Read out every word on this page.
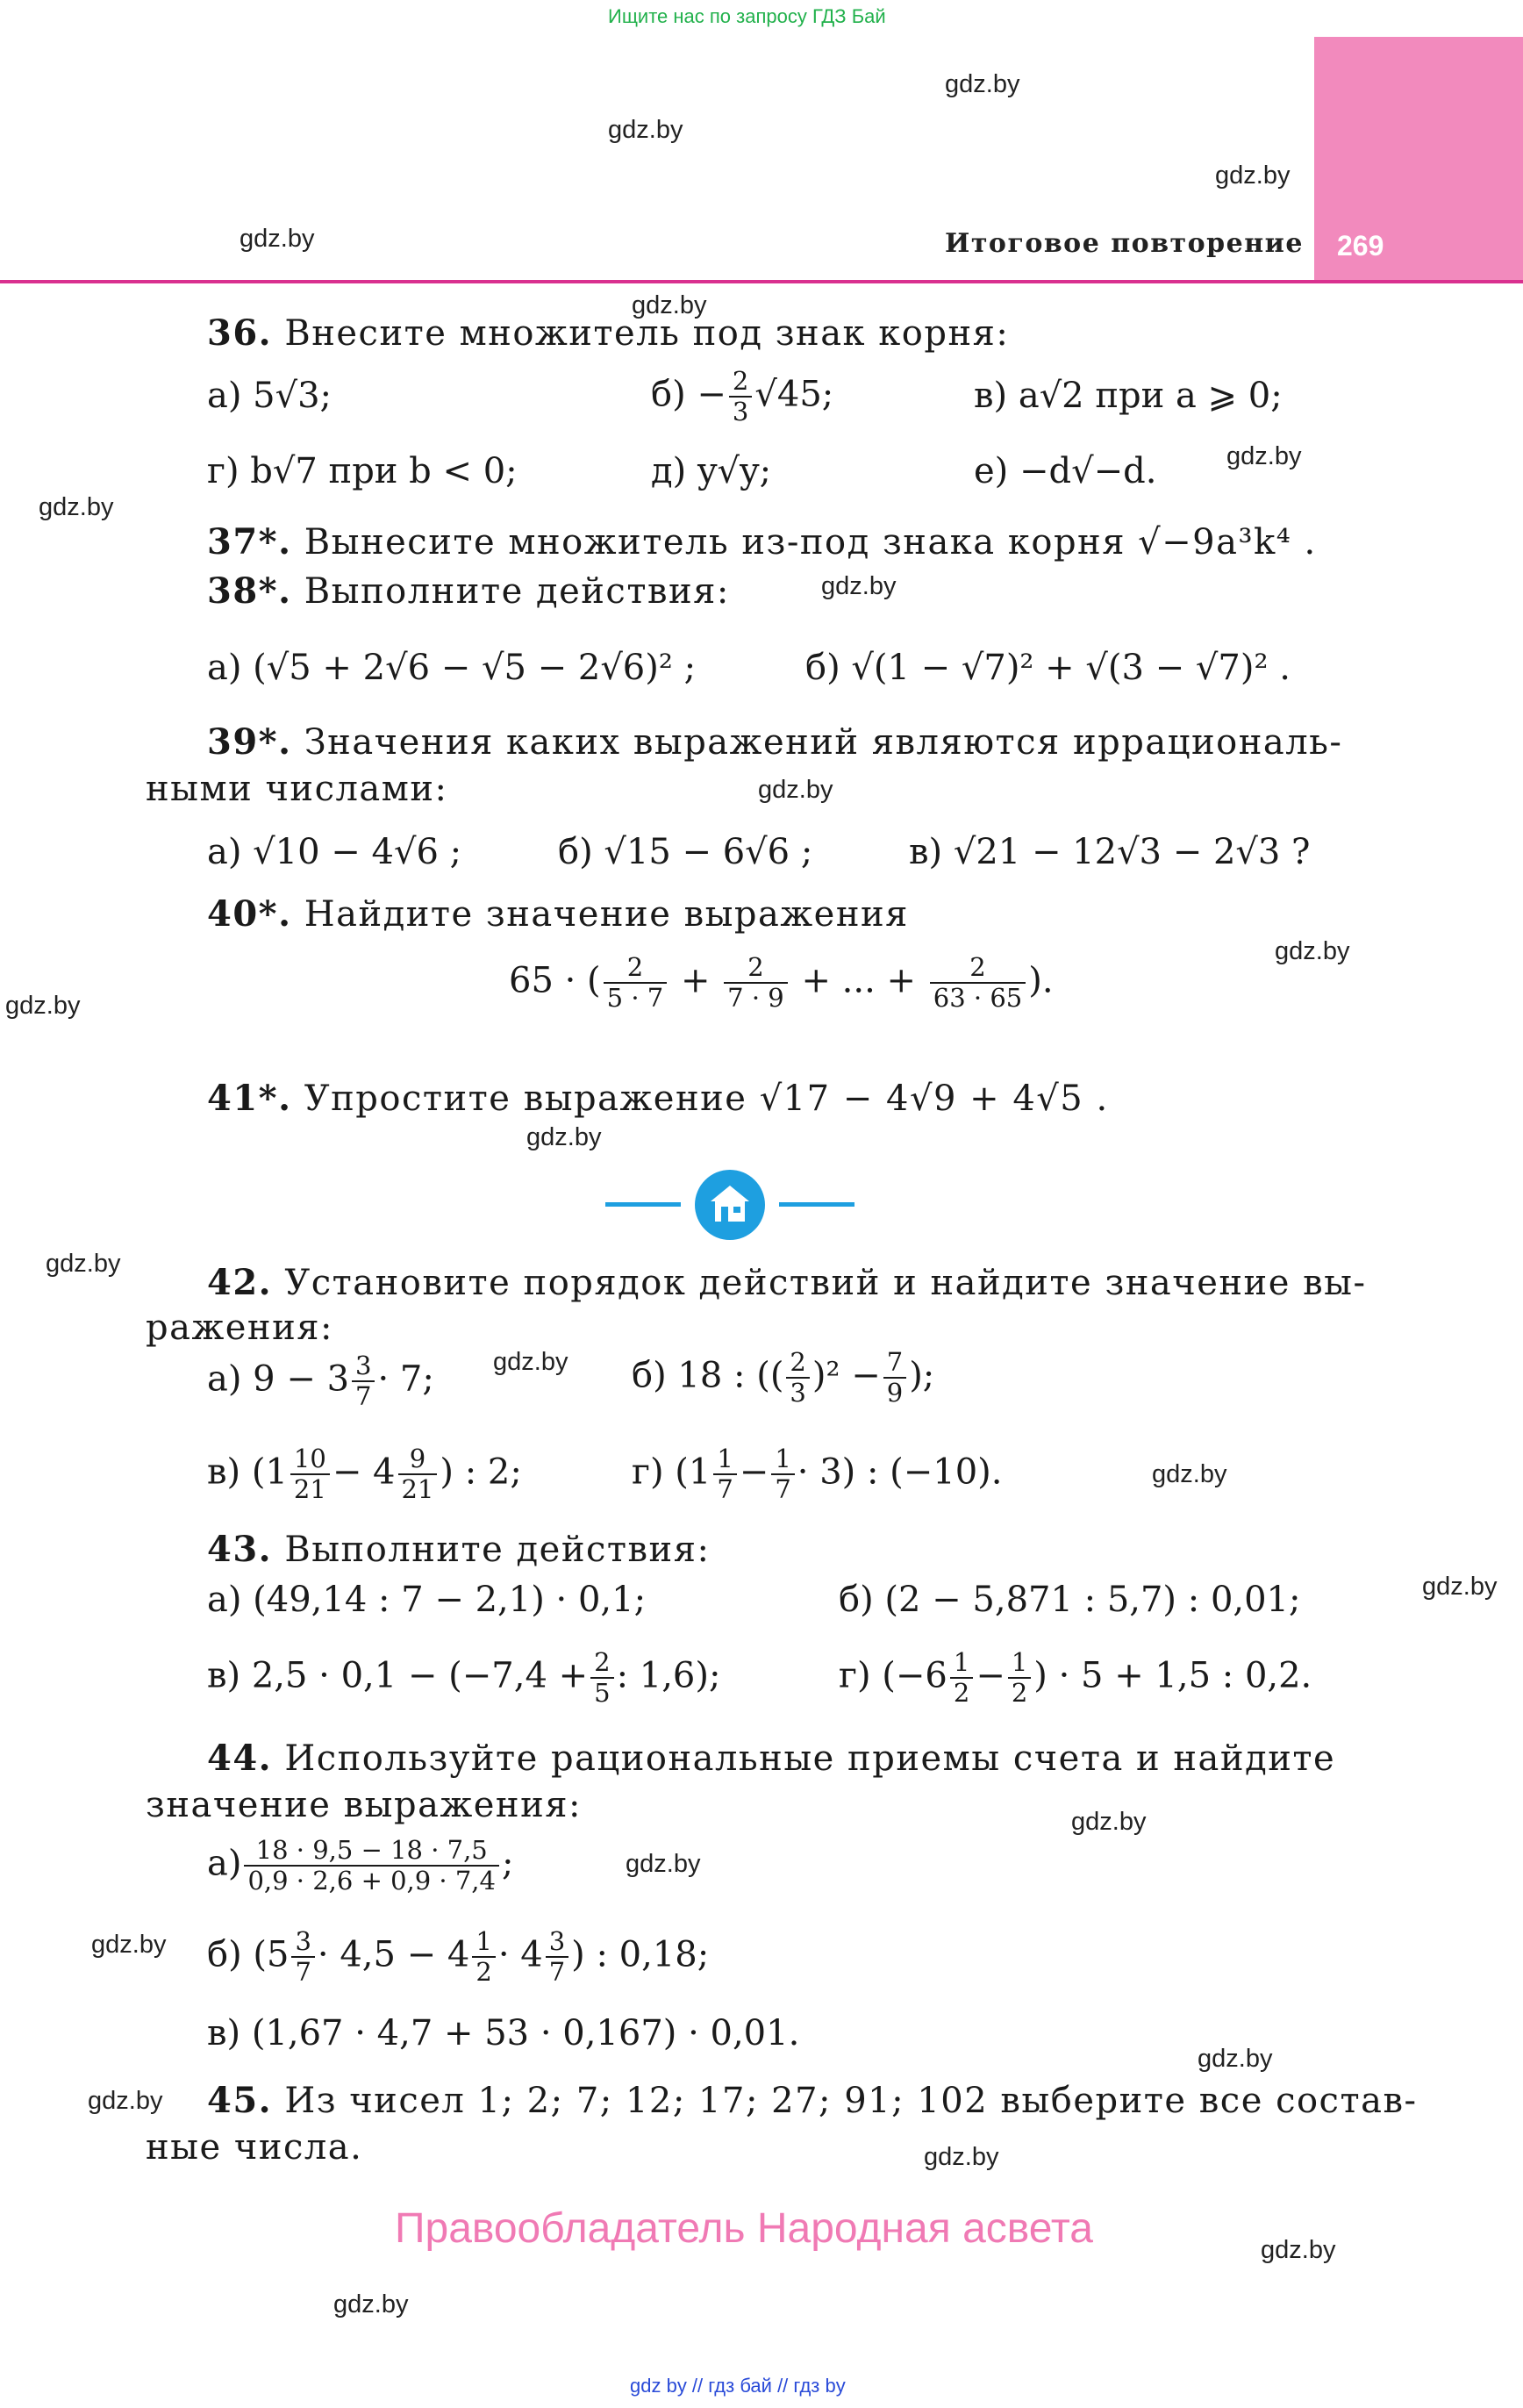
Ищите нас по запросу ГДЗ Бай
269
Итоговое повторение
gdz.by
gdz.by
gdz.by
gdz.by
gdz.by
gdz.by
gdz.by
gdz.by
gdz.by
gdz.by
gdz.by
gdz.by
gdz.by
gdz.by
gdz.by
gdz.by
gdz.by
gdz.by
gdz.by
gdz.by
gdz.by
gdz.by
gdz.by
gdz.by
36. Внесите множитель под знак корня:
а) 5√3;	$б) - \frac{2}{3} √45$;	в) a√2 при a ⩾ 0;
г) b√7 при b < 0;	д) y√y;	е) −d√−d.
37*. Вынесите множитель из-под знака корня √−9a³k⁴ .
38*. Выполните действия:
а) (√5 + 2√6 − √5 − 2√6)² ;	б) √(1 − √7)² + √(3 − √7)² .
39*. Значения каких выражений являются иррациональ-
ными числами:
а) √10 − 4√6 ;	б) √15 − 6√6 ;	в) √21 − 12√3 − 2√3 ?
40*. Найдите значение выражения
65 · ( $\frac{2}{5 \cdot 7} + \frac{2}{7 \cdot 9}$ + ... + $\frac{2}{63 \cdot 65}$ ).
41*. Упростите выражение √17 − 4√9 + 4√5 .
42. Установите порядок действий и найдите значение вы-
ражения:
а) $9 - 3 \frac{3}{7} \cdot 7$;	б) 18 : (( $\frac{2}{3} )^2 - \frac{7}{9}$ );
в) ($1 \frac{10}{21} - 4 \frac{9}{21}$ ) : 2;	г) $(1 \frac{1}{7} - \frac{1}{7} \cdot 3)$ : (−10).
43. Выполните действия:
а) (49,14 : 7 − 2,1) · 0,1;	б) (2 − 5,871 : 5,7) : 0,01;
в) $2,5 \cdot 0,1 - (-7,4 + \frac{2}{5}$ : 1,6);	г) ($-6 \frac{1}{2} - \frac{1}{2}$ ) · 5 + 1,5 : 0,2.
44. Используйте рациональные приемы счета и найдите
значение выражения:
$а) \frac{18 \cdot 9,5 - 18 \cdot 7,5}{0,9 \cdot 2,6 + 0,9 \cdot 7,4}$ ;
б) ($5 \frac{3}{7} \cdot 4,5 - 4 \frac{1}{2} \cdot 4 \frac{3}{7}$ ) : 0,18;
в) (1,67 · 4,7 + 53 · 0,167) · 0,01.
45. Из чисел 1; 2; 7; 12; 17; 27; 91; 102 выберите все состав-
ные числа.
Правообладатель Народная асвета
gdz by // гдз бай // гдз by
